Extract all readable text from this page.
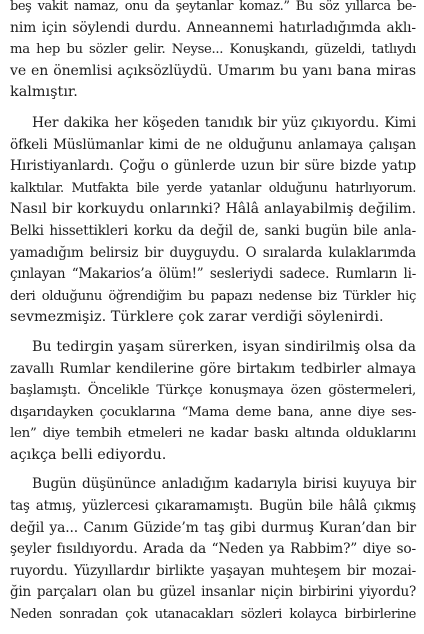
beş vakit namaz, onu da şeytanlar komaz.” Bu söz yıllarca be-
nim için söylendi durdu. Anneannemi hatırladığımda aklı-
ma hep bu sözler gelir. Neyse... Konuşkandı, güzeldi, tatlıydı
ve en önemlisi açıksözlüydü. Umarım bu yanı bana miras
kalmıştır.
Her dakika her köşeden tanıdık bir yüz çıkıyordu. Kimi
öfkeli Müslümanlar kimi de ne olduğunu anlamaya çalışan
Hıristiyanlardı. Çoğu o günlerde uzun bir süre bizde yatıp
kalktılar. Mutfakta bile yerde yatanlar olduğunu hatırlıyorum.
Nasıl bir korkuydu onlarınki? Hâlâ anlayabilmiş değilim.
Belki hissettikleri korku da değil de, sanki bugün bile anla-
yamadığım belirsiz bir duyguydu. O sıralarda kulaklarımda
çınlayan “Makarios’a ölüm!” sesleriydi sadece. Rumların li-
deri olduğunu öğrendiğim bu papazı nedense biz Türkler hiç
sevmezmişiz. Türklere çok zarar verdiği söylenirdi.
Bu tedirgin yaşam sürerken, isyan sindirilmiş olsa da
zavallı Rumlar kendilerine göre birtakım tedbirler almaya
başlamıştı. Öncelikle Türkçe konuşmaya özen göstermeleri,
dışarıdayken çocuklarına “Mama deme bana, anne diye ses-
len” diye tembih etmeleri ne kadar baskı altında olduklarını
açıkça belli ediyordu.
Bugün düşününce anladığım kadarıyla birisi kuyuya bir
taş atmış, yüzlercesi çıkaramamıştı. Bugün bile hâlâ çıkmış
değil ya... Canım Güzide’m taş gibi durmuş Kuran’dan bir
şeyler fısıldıyordu. Arada da “Neden ya Rabbim?” diye so-
ruyordu. Yüzyıllardır birlikte yaşayan muhteşem bir mozai-
ğin parçaları olan bu güzel insanlar niçin birbirini yiyordu?
Neden sonradan çok utanacakları sözleri kolayca birbirlerine
